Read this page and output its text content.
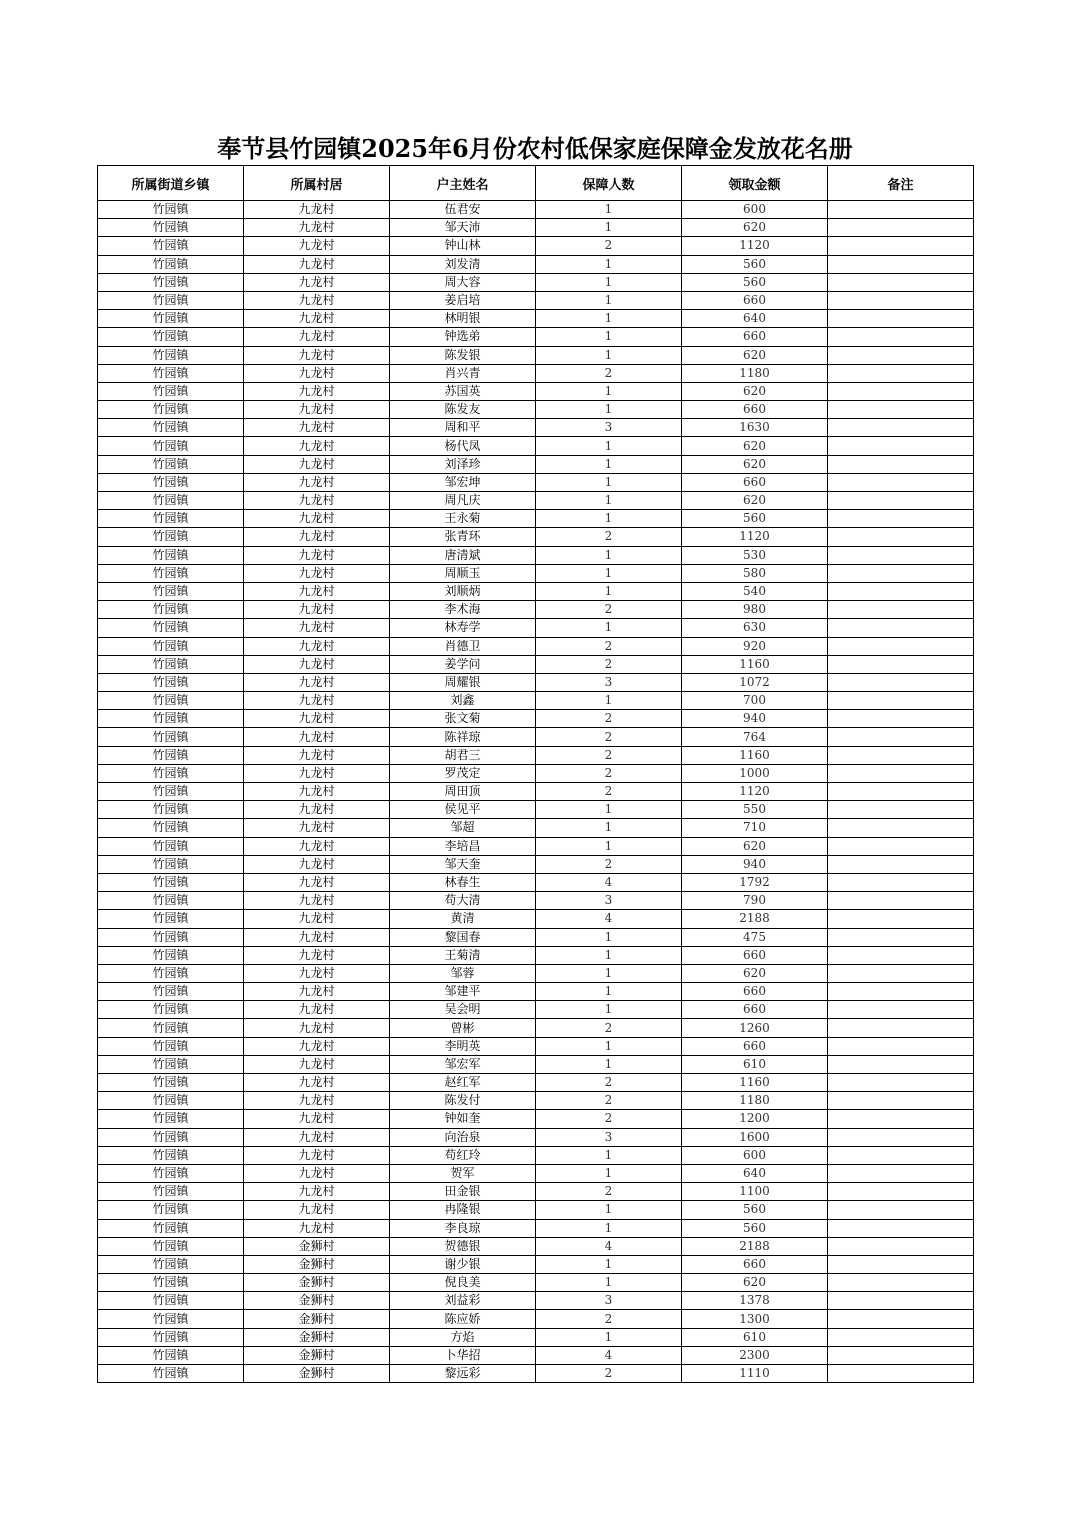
奉节县竹园镇2025年6月份农村低保家庭保障金发放花名册
所属街道乡镇	所属村居	户主姓名	保障人数	领取金额	备注
竹园镇	九龙村	伍君安	1	600	
竹园镇	九龙村	邹天沛	1	620	
竹园镇	九龙村	钟山林	2	1120	
竹园镇	九龙村	刘发清	1	560	
竹园镇	九龙村	周大容	1	560	
竹园镇	九龙村	姜启培	1	660	
竹园镇	九龙村	林明银	1	640	
竹园镇	九龙村	钟选弟	1	660	
竹园镇	九龙村	陈发银	1	620	
竹园镇	九龙村	肖兴青	2	1180	
竹园镇	九龙村	苏国英	1	620	
竹园镇	九龙村	陈发友	1	660	
竹园镇	九龙村	周和平	3	1630	
竹园镇	九龙村	杨代凤	1	620	
竹园镇	九龙村	刘泽珍	1	620	
竹园镇	九龙村	邹宏坤	1	660	
竹园镇	九龙村	周凡庆	1	620	
竹园镇	九龙村	王永菊	1	560	
竹园镇	九龙村	张青环	2	1120	
竹园镇	九龙村	唐清斌	1	530	
竹园镇	九龙村	周顺玉	1	580	
竹园镇	九龙村	刘顺炳	1	540	
竹园镇	九龙村	李术海	2	980	
竹园镇	九龙村	林寿学	1	630	
竹园镇	九龙村	肖德卫	2	920	
竹园镇	九龙村	姜学问	2	1160	
竹园镇	九龙村	周耀银	3	1072	
竹园镇	九龙村	刘鑫	1	700	
竹园镇	九龙村	张文菊	2	940	
竹园镇	九龙村	陈祥琼	2	764	
竹园镇	九龙村	胡君三	2	1160	
竹园镇	九龙村	罗茂定	2	1000	
竹园镇	九龙村	周田顶	2	1120	
竹园镇	九龙村	侯见平	1	550	
竹园镇	九龙村	邹超	1	710	
竹园镇	九龙村	李培昌	1	620	
竹园镇	九龙村	邹天奎	2	940	
竹园镇	九龙村	林春生	4	1792	
竹园镇	九龙村	苟大清	3	790	
竹园镇	九龙村	黄清	4	2188	
竹园镇	九龙村	黎国春	1	475	
竹园镇	九龙村	王菊清	1	660	
竹园镇	九龙村	邹蓉	1	620	
竹园镇	九龙村	邹建平	1	660	
竹园镇	九龙村	吴会明	1	660	
竹园镇	九龙村	曾彬	2	1260	
竹园镇	九龙村	李明英	1	660	
竹园镇	九龙村	邹宏军	1	610	
竹园镇	九龙村	赵红军	2	1160	
竹园镇	九龙村	陈发付	2	1180	
竹园镇	九龙村	钟如奎	2	1200	
竹园镇	九龙村	向治泉	3	1600	
竹园镇	九龙村	苟红玲	1	600	
竹园镇	九龙村	贺军	1	640	
竹园镇	九龙村	田金银	2	1100	
竹园镇	九龙村	冉隆银	1	560	
竹园镇	九龙村	李良琼	1	560	
竹园镇	金狮村	贺德银	4	2188	
竹园镇	金狮村	谢少银	1	660	
竹园镇	金狮村	倪良美	1	620	
竹园镇	金狮村	刘益彩	3	1378	
竹园镇	金狮村	陈应娇	2	1300	
竹园镇	金狮村	方焰	1	610	
竹园镇	金狮村	卜华招	4	2300	
竹园镇	金狮村	黎远彩	2	1110	
